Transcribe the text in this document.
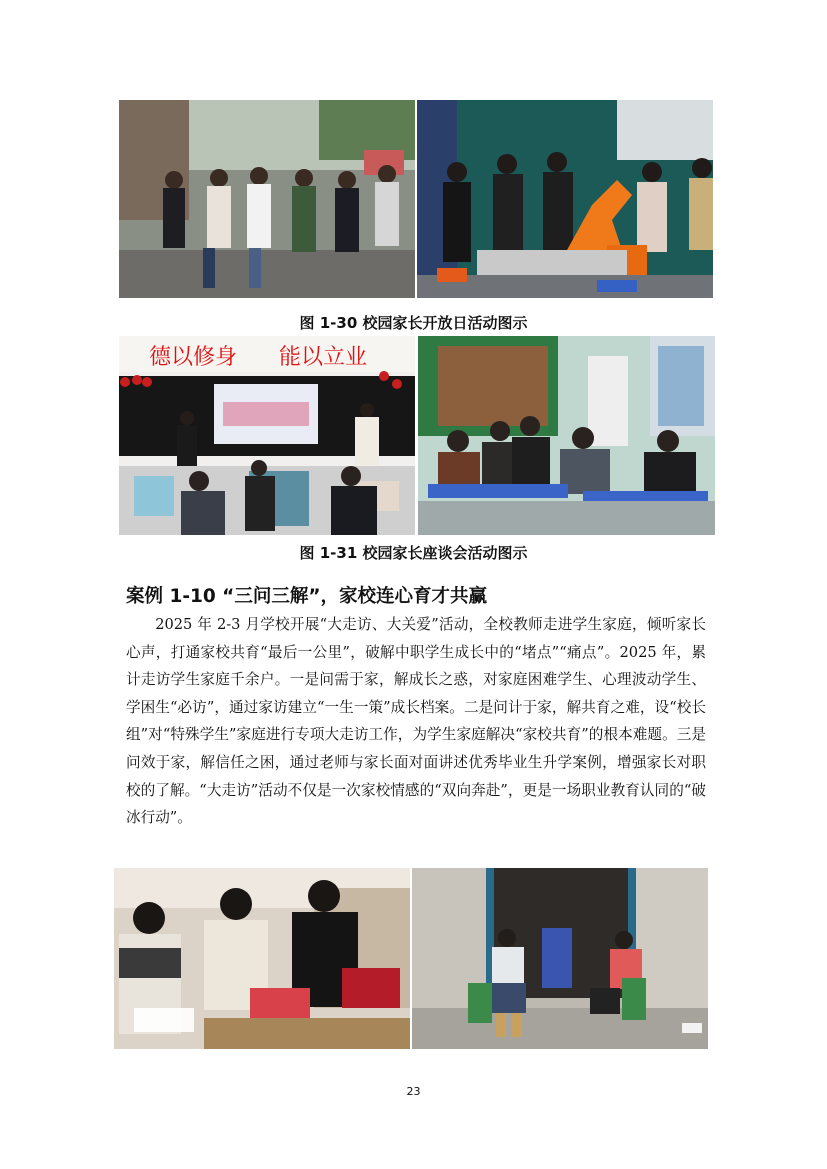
图 1-30 校园家长开放日活动图示
德以修身	能以立业
图 1-31 校园家长座谈会活动图示
案例 1-10 “三问三解”，家校连心育才共赢

2025 年 2-3 月学校开展“大走访、大关爱”活动，全校教师走进学生家庭，倾听家长心声，打通家校共育“最后一公里”，破解中职学生成长中的“堵点”“痛点”。2025 年，累计走访学生家庭千余户。一是问需于家，解成长之惑，对家庭困难学生、心理波动学生、学困生“必访”，通过家访建立“一生一策”成长档案。二是问计于家，解共育之难，设“校长组”对“特殊学生”家庭进行专项大走访工作，为学生家庭解决“家校共育”的根本难题。三是问效于家，解信任之困，通过老师与家长面对面讲述优秀毕业生升学案例，增强家长对职校的了解。“大走访”活动不仅是一次家校情感的“双向奔赴”，更是一场职业教育认同的“破冰行动”。

23
